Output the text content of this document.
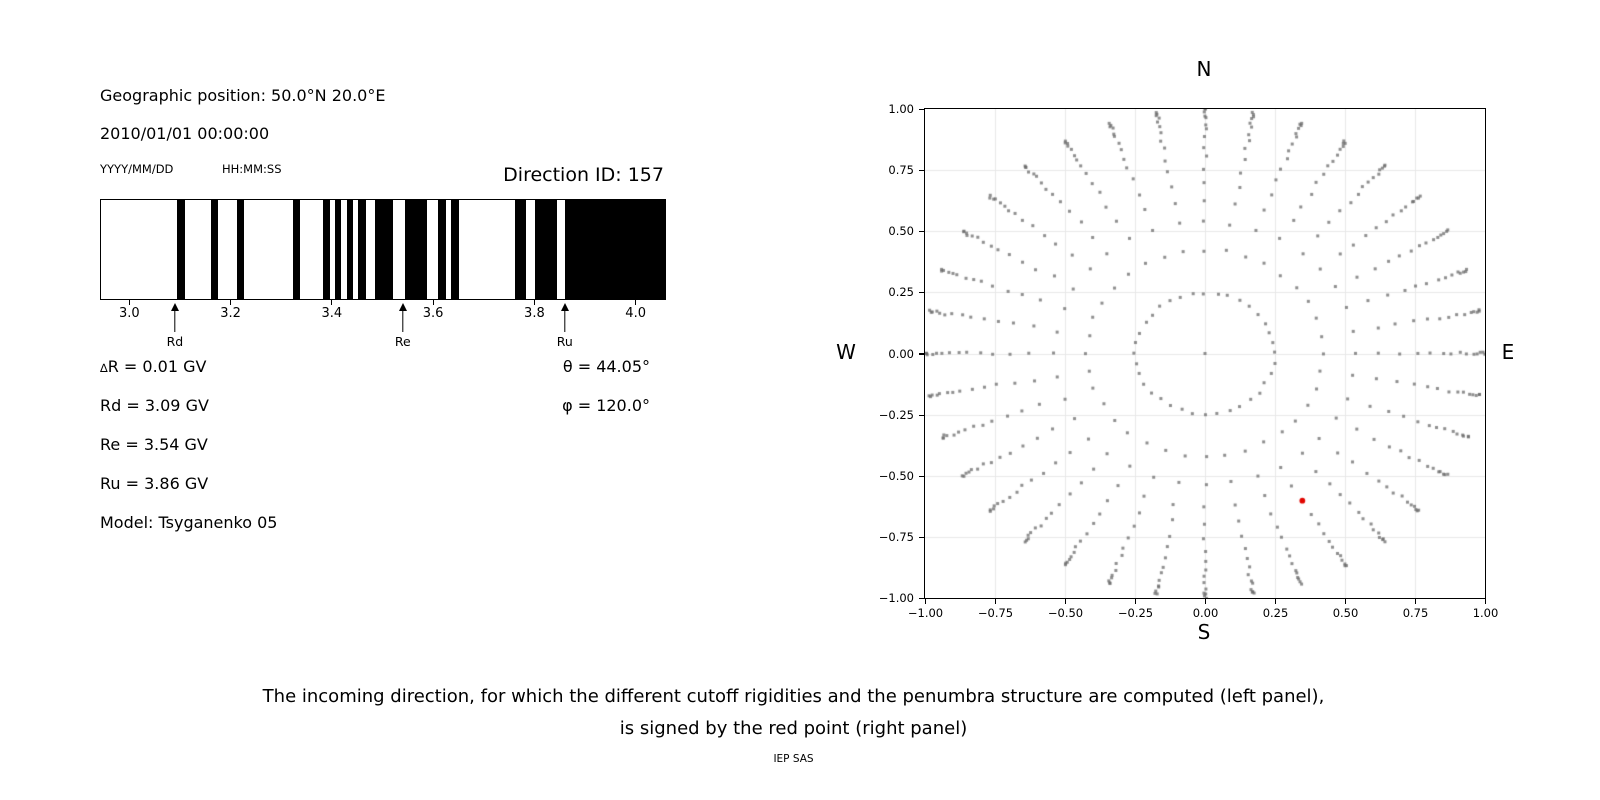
Geographic position: 50.0°N 20.0°E
2010/01/01 00:00:00
YYYY/MM/DD	HH:MM:SS	Direction ID: 157
3.0	3.2	3.4	3.6	3.8	4.0
Rd	Re	Ru
∆R = 0.01 GV	θ = 44.05°
Rd = 3.09 GV	φ = 120.0°
Re = 3.54 GV
Ru = 3.86 GV
Model: Tsyganenko 05
N
S
W	E
−1.00	−0.75	−0.50	−0.25	0.00	0.25	0.50	0.75	1.00
1.00
0.75
0.50
0.25
0.00
−0.25
−0.50
−0.75
−1.00
The incoming direction, for which the different cutoff rigidities and the penumbra structure are computed (left panel),
is signed by the red point (right panel)
IEP SAS
